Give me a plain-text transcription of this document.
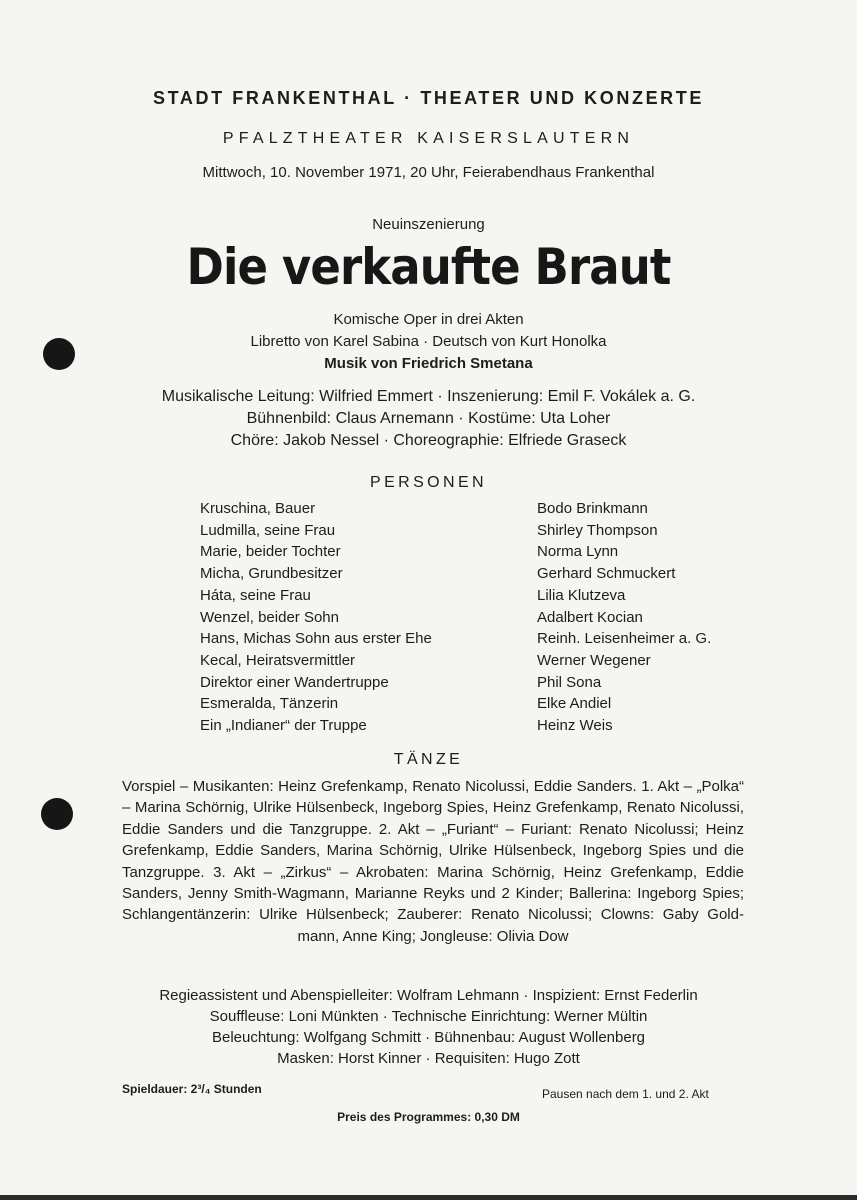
STADT FRANKENTHAL · THEATER UND KONZERTE
PFALZTHEATER KAISERSLAUTERN
Mittwoch, 10. November 1971, 20 Uhr, Feierabendhaus Frankenthal
Neuinszenierung
Die verkaufte Braut
Komische Oper in drei Akten
Libretto von Karel Sabina · Deutsch von Kurt Honolka
Musik von Friedrich Smetana
Musikalische Leitung: Wilfried Emmert · Inszenierung: Emil F. Vokálek a. G.
Bühnenbild: Claus Arnemann · Kostüme: Uta Loher
Chöre: Jakob Nessel · Choreographie: Elfriede Graseck
PERSONEN
Kruschina, Bauer	Bodo Brinkmann
Ludmilla, seine Frau	Shirley Thompson
Marie, beider Tochter	Norma Lynn
Micha, Grundbesitzer	Gerhard Schmuckert
Háta, seine Frau	Lilia Klutzeva
Wenzel, beider Sohn	Adalbert Kocian
Hans, Michas Sohn aus erster Ehe	Reinh. Leisenheimer a. G.
Kecal, Heiratsvermittler	Werner Wegener
Direktor einer Wandertruppe	Phil Sona
Esmeralda, Tänzerin	Elke Andiel
Ein „Indianer“ der Truppe	Heinz Weis
TÄNZE
Vorspiel – Musikanten: Heinz Grefenkamp, Renato Nicolussi, Eddie Sanders. 1. Akt – „Polka“ – Marina Schörnig, Ulrike Hülsenbeck, Ingeborg Spies, Heinz Grefenkamp, Renato Nicolussi, Eddie Sanders und die Tanzgruppe. 2. Akt – „Furiant“ – Furiant: Renato Nicolussi; Heinz Grefenkamp, Eddie Sanders, Marina Schörnig, Ulrike Hülsenbeck, Ingeborg Spies und die Tanzgruppe. 3. Akt – „Zirkus“ – Akrobaten: Marina Schörnig, Heinz Grefenkamp, Eddie Sanders, Jenny Smith-Wagmann, Marianne Reyks und 2 Kinder; Ballerina: Ingeborg Spies; Schlangentänzerin: Ulrike Hülsenbeck; Zauberer: Renato Nicolussi; Clowns: Gaby Goldmann, Anne King; Jongleuse: Olivia Dow
Regieassistent und Abenspielleiter: Wolfram Lehmann · Inspizient: Ernst Federlin
Souffleuse: Loni Münkten · Technische Einrichtung: Werner Mültin
Beleuchtung: Wolfgang Schmitt · Bühnenbau: August Wollenberg
Masken: Horst Kinner · Requisiten: Hugo Zott
Spieldauer: 2³/₄ Stunden	Pausen nach dem 1. und 2. Akt
Preis des Programmes: 0,30 DM
